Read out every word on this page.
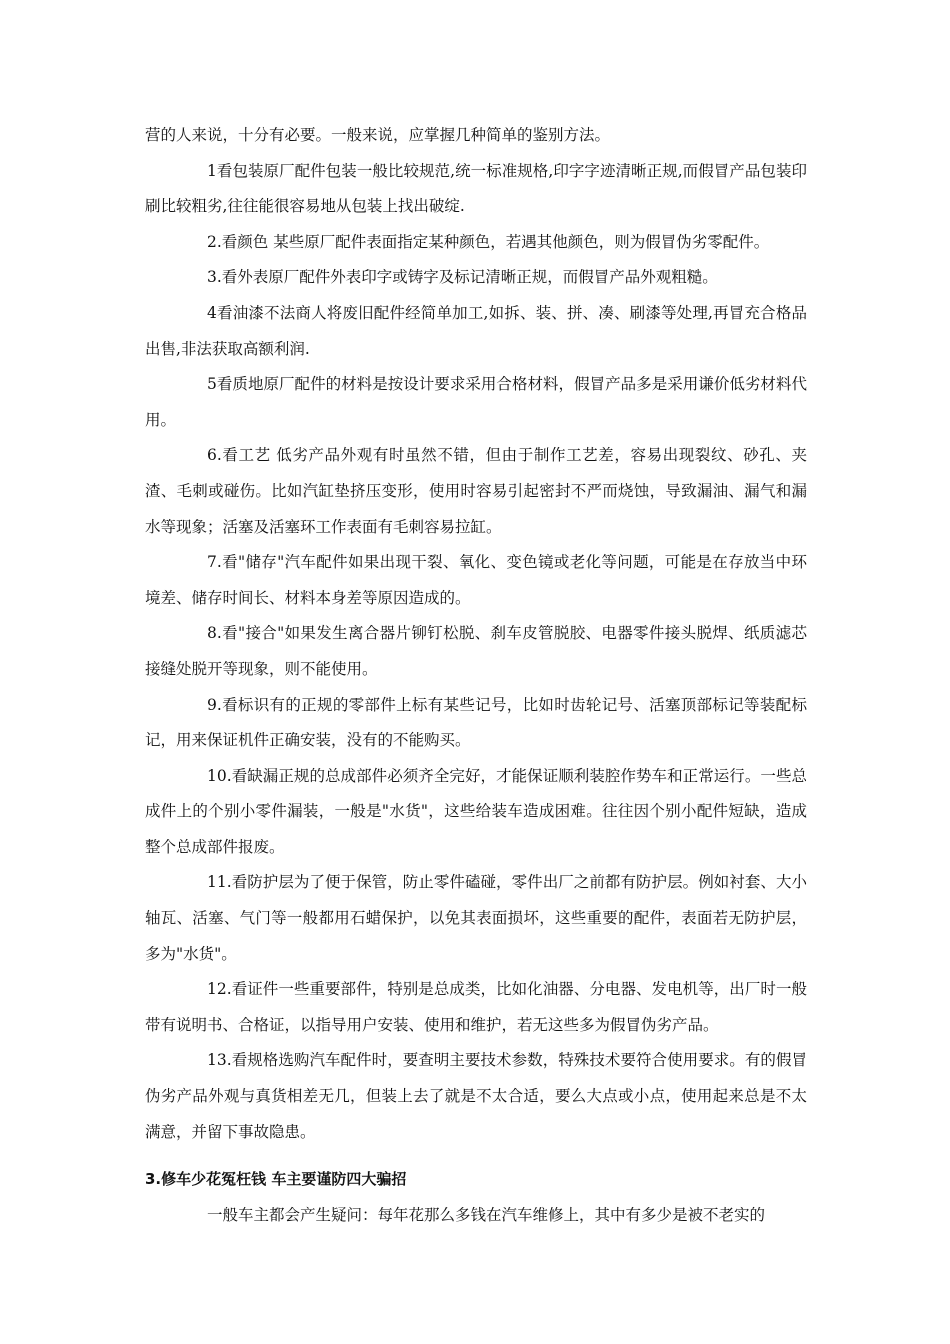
营的人来说，十分有必要。一般来说，应掌握几种简单的鉴别方法。

1看包装原厂配件包装一般比较规范,统一标准规格,印字字迹清晰正规,而假冒产品包装印刷比较粗劣,往往能很容易地从包装上找出破绽.

2.看颜色 某些原厂配件表面指定某种颜色，若遇其他颜色，则为假冒伪劣零配件。

3.看外表原厂配件外表印字或铸字及标记清晰正规，而假冒产品外观粗糙。

4看油漆不法商人将废旧配件经简单加工,如拆、装、拼、凑、刷漆等处理,再冒充合格品出售,非法获取高额利润.

5看质地原厂配件的材料是按设计要求采用合格材料，假冒产品多是采用谦价低劣材料代用。

6.看工艺 低劣产品外观有时虽然不错，但由于制作工艺差，容易出现裂纹、砂孔、夹渣、毛刺或碰伤。比如汽缸垫挤压变形，使用时容易引起密封不严而烧蚀，导致漏油、漏气和漏水等现象；活塞及活塞环工作表面有毛刺容易拉缸。

7.看"储存"汽车配件如果出现干裂、氧化、变色镜或老化等问题，可能是在存放当中环境差、储存时间长、材料本身差等原因造成的。

8.看"接合"如果发生离合器片铆钉松脱、刹车皮管脱胶、电器零件接头脱焊、纸质滤芯接缝处脱开等现象，则不能使用。

9.看标识有的正规的零部件上标有某些记号，比如时齿轮记号、活塞顶部标记等装配标记，用来保证机件正确安装，没有的不能购买。

10.看缺漏正规的总成部件必须齐全完好，才能保证顺利装腔作势车和正常运行。一些总成件上的个别小零件漏装，一般是"水货"，这些给装车造成困难。往往因个别小配件短缺，造成整个总成部件报废。

11.看防护层为了便于保管，防止零件磕碰，零件出厂之前都有防护层。例如衬套、大小轴瓦、活塞、气门等一般都用石蜡保护，以免其表面损坏，这些重要的配件，表面若无防护层，多为"水货"。

12.看证件一些重要部件，特别是总成类，比如化油器、分电器、发电机等，出厂时一般带有说明书、合格证，以指导用户安装、使用和维护，若无这些多为假冒伪劣产品。

13.看规格选购汽车配件时，要查明主要技术参数，特殊技术要符合使用要求。有的假冒伪劣产品外观与真货相差无几，但装上去了就是不太合适，要么大点或小点，使用起来总是不太满意，并留下事故隐患。

3.修车少花冤枉钱 车主要谨防四大骗招

一般车主都会产生疑问：每年花那么多钱在汽车维修上，其中有多少是被不老实的
